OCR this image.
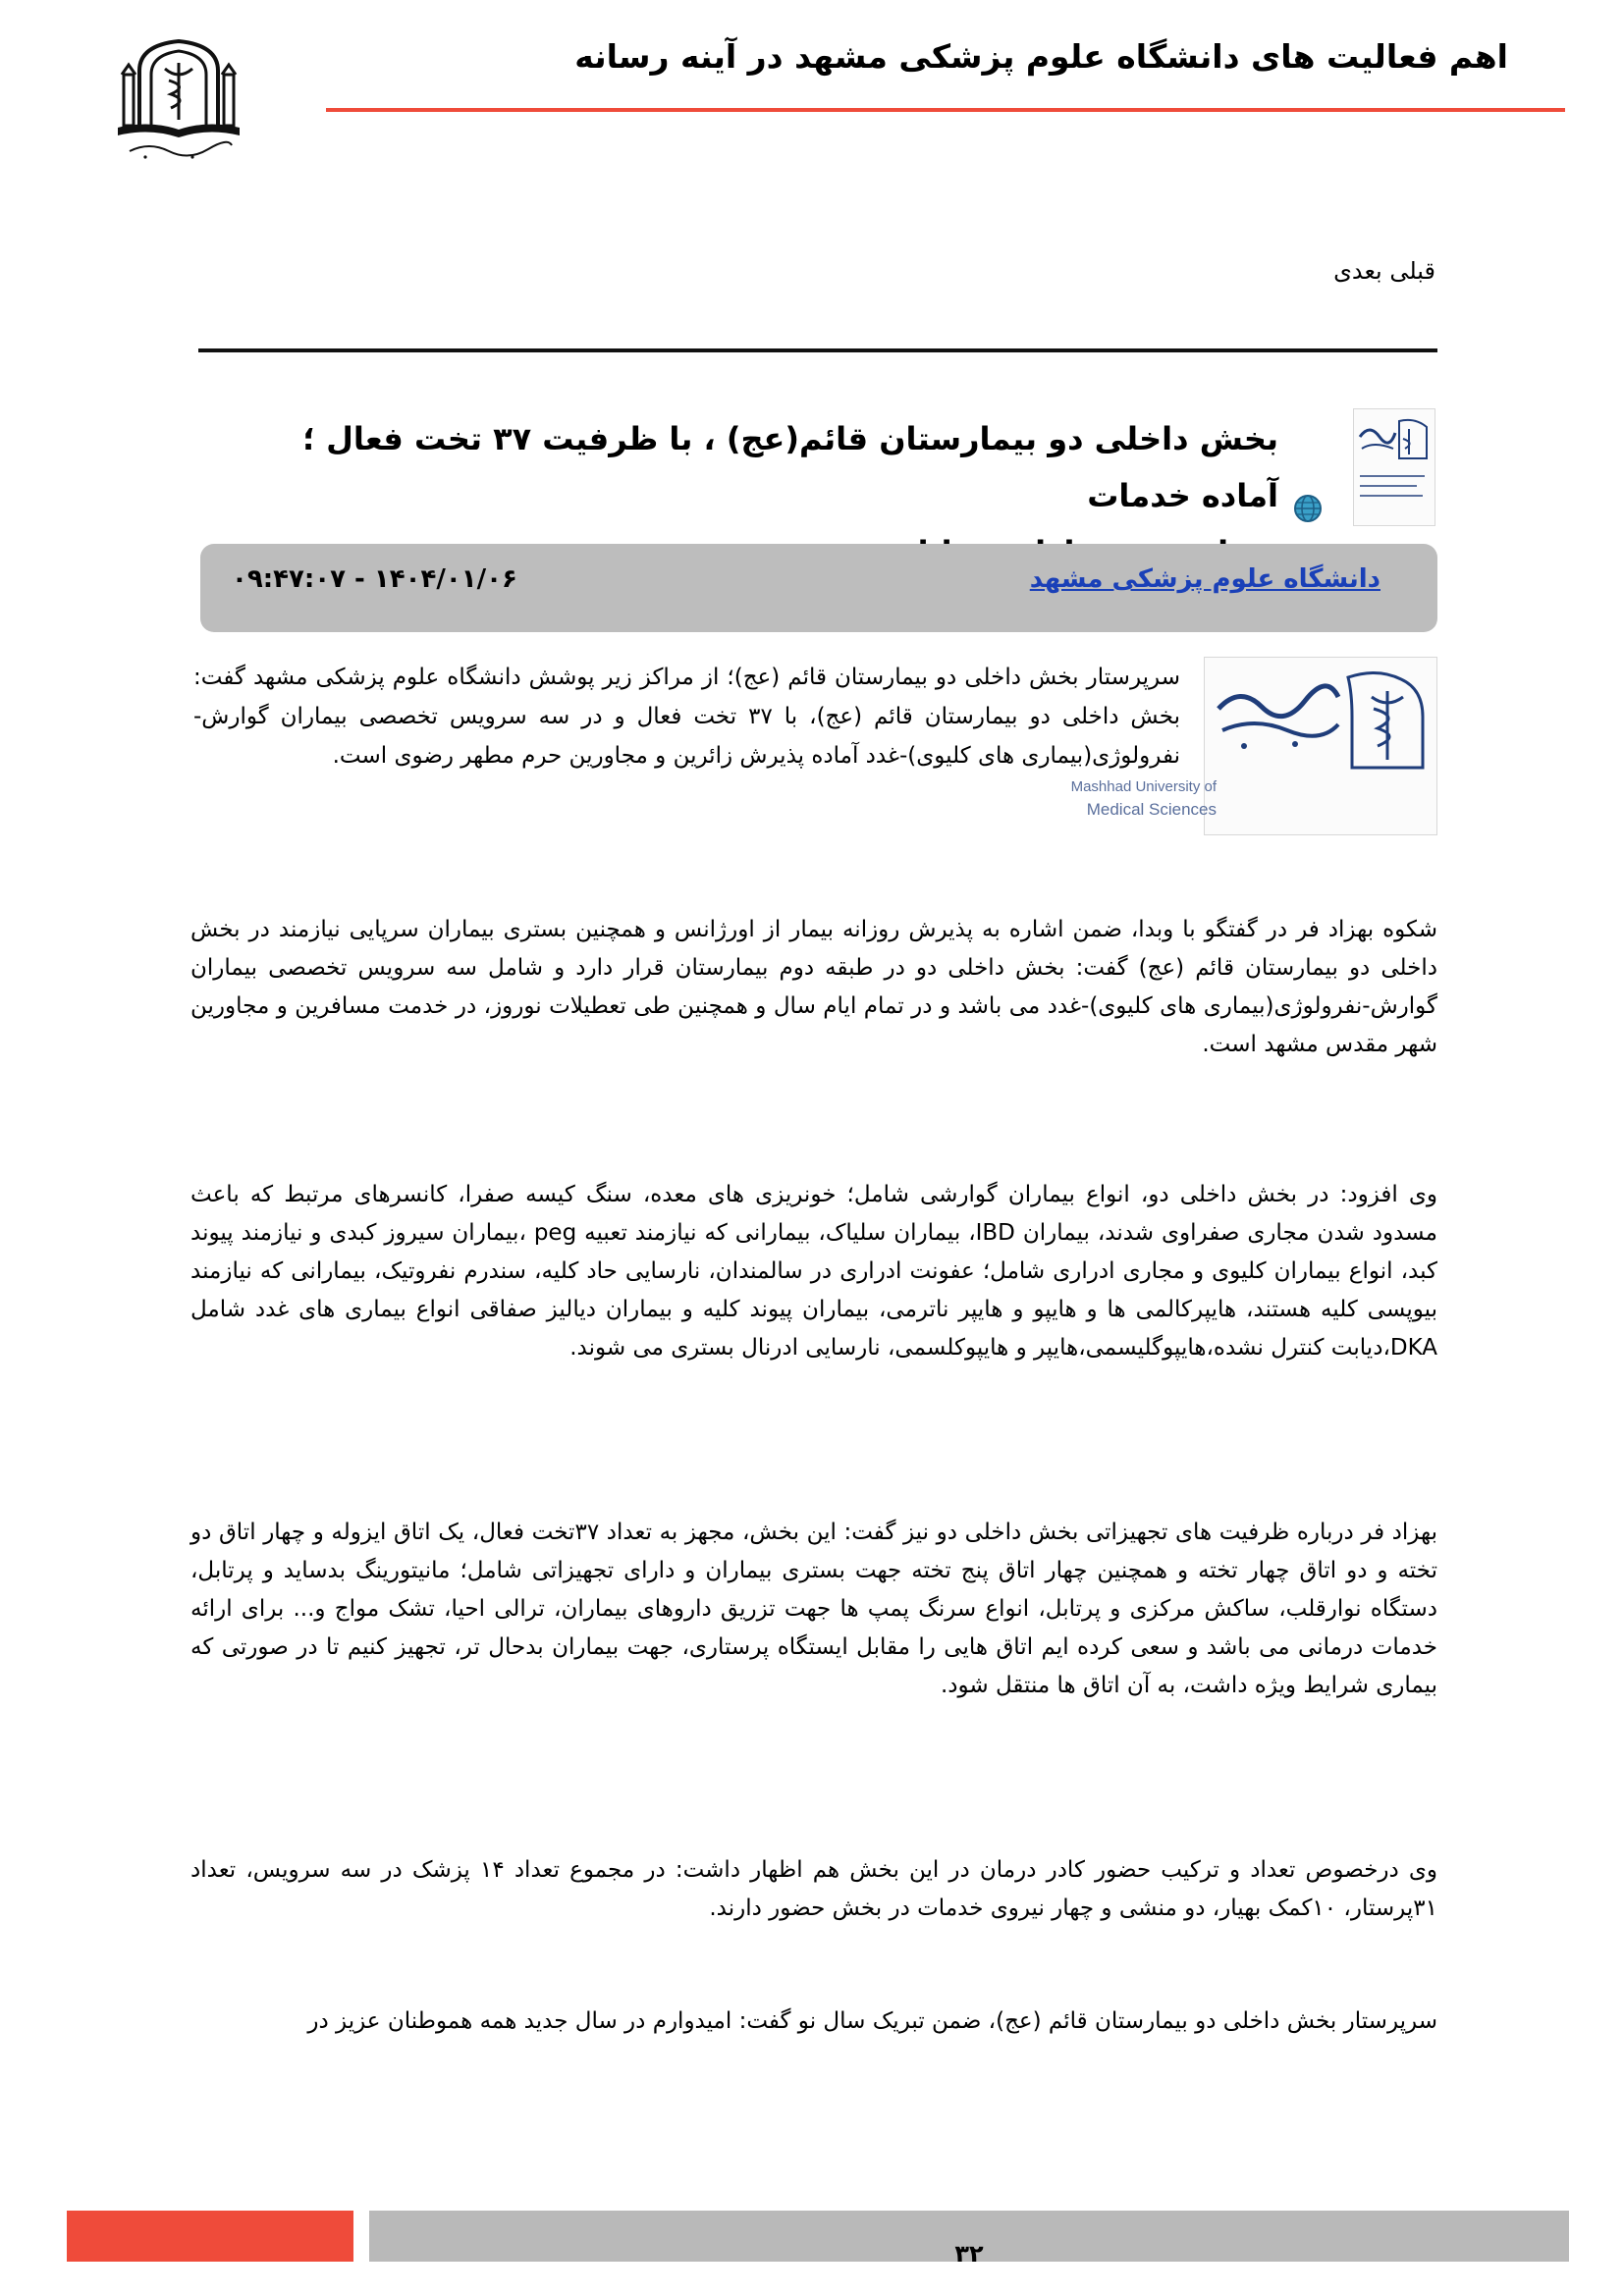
اهم فعالیت های دانشگاه علوم پزشکی مشهد در آینه رسانه
قبلی بعدی
بخش داخلی دو بیمارستان قائم(عج) ، با ظرفیت ۳۷ تخت فعال ؛ آماده خدمات
دانشگاه علوم پزشکی مشهد
۰۹:۴۷:۰۷ - ۱۴۰۴/۰۱/۰۶
Mashhad University of
Medical Sciences
سرپرستار بخش داخلی دو بیمارستان قائم (عج)؛ از مراکز زیر پوشش دانشگاه علوم پزشکی مشهد گفت: بخش داخلی دو بیمارستان قائم (عج)، با ۳۷ تخت فعال و در سه سرویس تخصصی بیماران گوارش-نفرولوژی(بیماری های کلیوی)-غدد آماده پذیرش زائرین و مجاورین حرم مطهر رضوی است.
شکوه بهزاد فر در گفتگو با وبدا، ضمن اشاره به پذیرش روزانه بیمار از اورژانس و همچنین بستری بیماران سرپایی نیازمند در بخش داخلی دو بیمارستان قائم (عج) گفت: بخش داخلی دو در طبقه دوم بیمارستان قرار دارد و شامل سه سرویس تخصصی بیماران گوارش-نفرولوژی(بیماری های کلیوی)-غدد می باشد و در تمام ایام سال و همچنین طی تعطیلات نوروز، در خدمت مسافرین و مجاورین شهر مقدس مشهد است.
وی افزود: در بخش داخلی دو، انواع بیماران گوارشی شامل؛ خونریزی های معده، سنگ کیسه صفرا، کانسرهای مرتبط که باعث مسدود شدن مجاری صفراوی شدند، بیماران IBD، بیماران سلیاک، بیمارانی که نیازمند تعبیه peg ،بیماران سیروز کبدی و نیازمند پیوند کبد، انواع بیماران کلیوی و مجاری ادراری شامل؛ عفونت ادراری در سالمندان، نارسایی حاد کلیه، سندرم نفروتیک، بیمارانی که نیازمند بیوپسی کلیه هستند، هایپرکالمی ها و هایپو و هایپر ناترمی، بیماران پیوند کلیه و بیماران دیالیز صفاقی انواع بیماری های غدد شامل DKA،دیابت کنترل نشده،هایپوگلیسمی،هایپر و هایپوکلسمی، نارسایی ادرنال بستری می شوند.
بهزاد فر درباره ظرفیت های تجهیزاتی بخش داخلی دو نیز گفت: این بخش، مجهز به تعداد ۳۷تخت فعال، یک اتاق ایزوله و چهار اتاق دو تخته و دو اتاق چهار تخته و همچنین چهار اتاق پنج تخته جهت بستری بیماران و دارای تجهیزاتی شامل؛ مانیتورینگ بدساید و پرتابل، دستگاه نوارقلب، ساکش مرکزی و پرتابل، انواع سرنگ پمپ ها جهت تزریق داروهای بیماران، ترالی احیا، تشک مواج و... برای ارائه خدمات درمانی می باشد و سعی کرده ایم اتاق هایی را مقابل ایستگاه پرستاری، جهت بیماران بدحال تر، تجهیز کنیم تا در صورتی که بیماری شرایط ویژه داشت، به آن اتاق ها منتقل شود.
وی درخصوص تعداد و ترکیب حضور کادر درمان در این بخش هم اظهار داشت: در مجموع تعداد ۱۴ پزشک در سه سرویس، تعداد ۳۱پرستار، ۱۰کمک بهیار، دو منشی و چهار نیروی خدمات در بخش حضور دارند.
سرپرستار بخش داخلی دو بیمارستان قائم (عج)، ضمن تبریک سال نو گفت: امیدوارم در سال جدید همه هموطنان عزیز در
۳۲
